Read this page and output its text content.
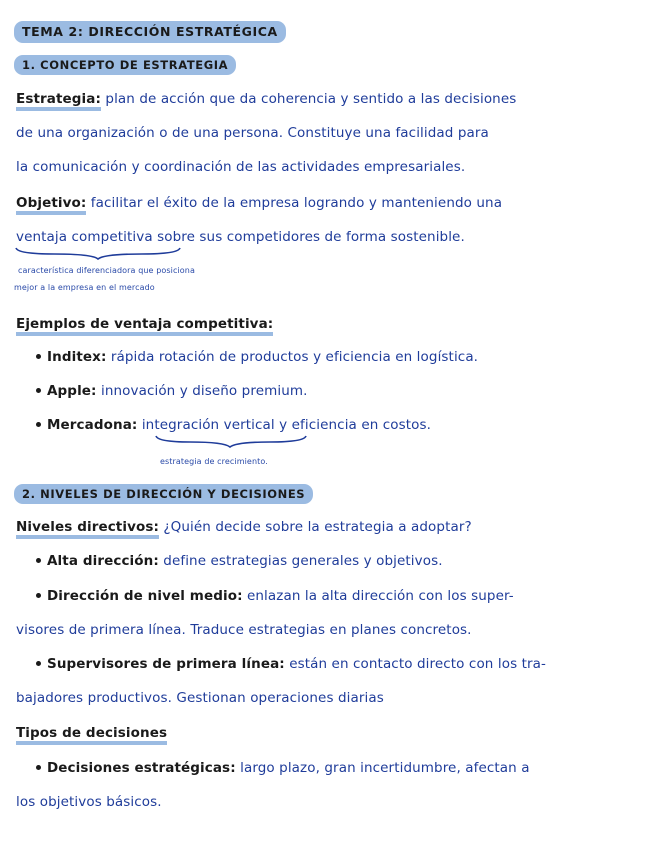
TEMA 2: DIRECCIÓN ESTRATÉGICA
1. CONCEPTO DE ESTRATEGIA
Estrategia: plan de acción que da coherencia y sentido a las decisiones
de una organización o de una persona. Constituye una facilidad para
la comunicación y coordinación de las actividades empresariales.
Objetivo: facilitar el éxito de la empresa logrando y manteniendo una
ventaja competitiva sobre sus competidores de forma sostenible.
característica diferenciadora que posiciona
mejor a la empresa en el mercado
Ejemplos de ventaja competitiva:
Inditex: rápida rotación de productos y eficiencia en logística.
Apple: innovación y diseño premium.
Mercadona: integración vertical y eficiencia en costos.
estrategia de crecimiento.
2. NIVELES DE DIRECCIÓN Y DECISIONES
Niveles directivos: ¿Quién decide sobre la estrategia a adoptar?
Alta dirección: define estrategias generales y objetivos.
Dirección de nivel medio: enlazan la alta dirección con los super-
visores de primera línea. Traduce estrategias en planes concretos.
Supervisores de primera línea: están en contacto directo con los tra-
bajadores productivos. Gestionan operaciones diarias
Tipos de decisiones
Decisiones estratégicas: largo plazo, gran incertidumbre, afectan a
los objetivos básicos.
